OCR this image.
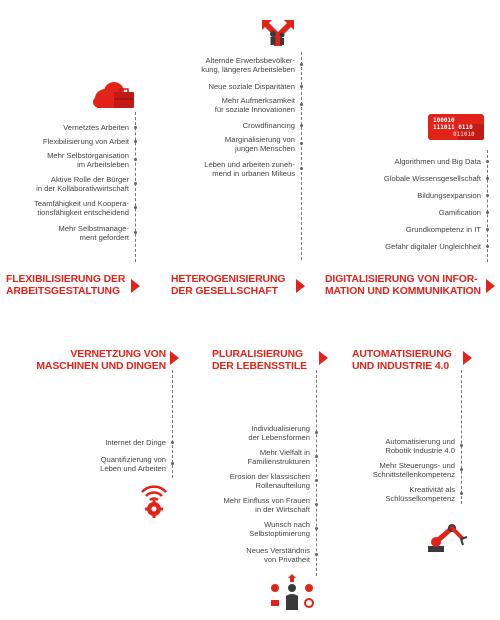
Vernetztes Arbeiten
Flexibilisierung von Arbeit
Mehr Selbstorganisation
im Arbeitsleben
Aktive Rolle der Bürger
in der Kollaborativwirtschaft
Teamfähigkeit und Koopera-
tionsfähigkeit entscheidend
Mehr Selbstmanage-
ment gefordert
FLEXIBILISIERUNG DER
ARBEITSGESTALTUNG
Alternde Erwerbsbevölker-
kung, längeres Arbeitsleben
Neue soziale Disparitäten
Mehr Aufmerksamkeit
für soziale Innovationen
Crowdfinancing
Marginalisierung von
jungen Menschen
Leben und arbeiten zuneh-
mend in urbanen Milieus
HETEROGENISIERUNG
DER GESELLSCHAFT
100010
111011 0110
011010
Algorithmen und Big Data
Globale Wissensgesellschaft
Bildungsexpansion
Gamification
Grundkompetenz in IT
Gefahr digitaler Ungleichheit
DIGITALISIERUNG VON INFOR-
MATION UND KOMMUNIKATION
VERNETZUNG VON
MASCHINEN UND DINGEN
Internet der Dinge
Quantifizierung von
Leben und Arbeiten
PLURALISIERUNG
DER LEBENSSTILE
Individualisierung
der Lebensformen
Mehr Vielfalt in
Familienstrukturen
Erosion der klassischen
Rollenaufteilung
Mehr Einfluss von Frauen
in der Wirtschaft
Wunsch nach
Selbstoptimierung
Neues Verständnis
von Privatheit
AUTOMATISIERUNG
UND INDUSTRIE 4.0
Automatisierung und
Robotik Industrie 4.0
Mehr Steuerungs- und
Schnittstellenkompetenz
Kreativität als
Schlüsselkompetenz
